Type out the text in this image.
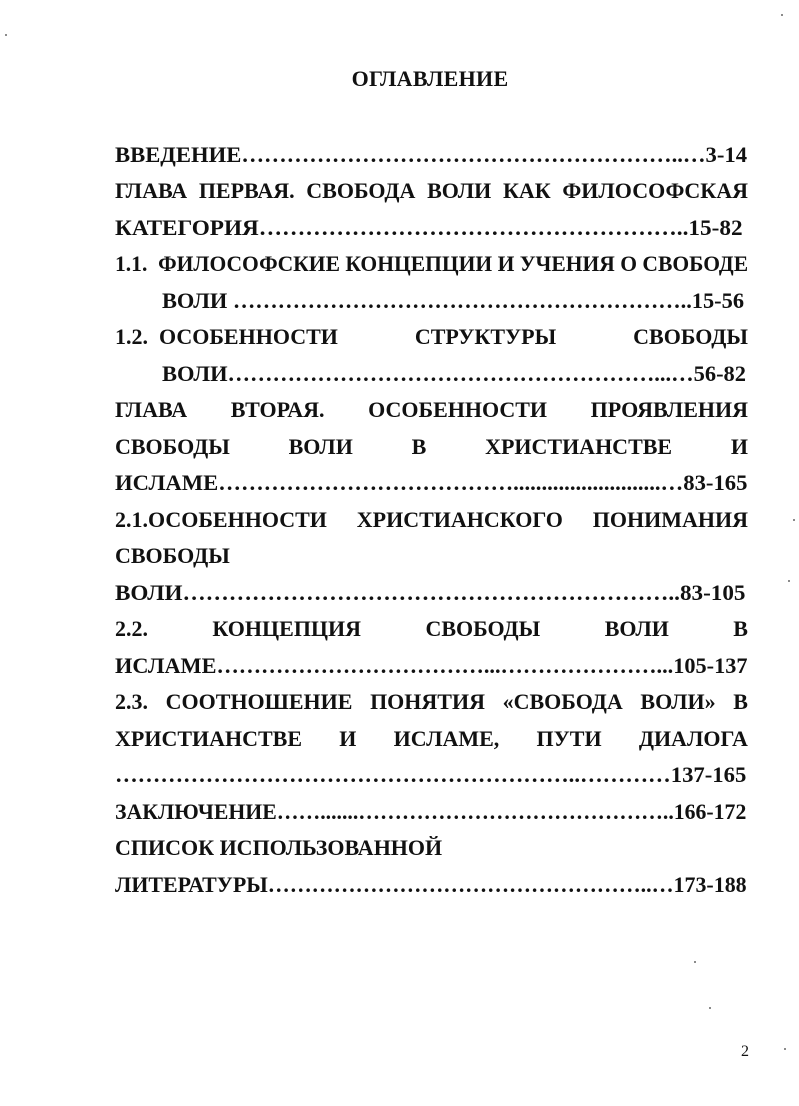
ОГЛАВЛЕНИЕ
ВВЕДЕНИЕ…………………………………………………..…3-14
ГЛАВА ПЕРВАЯ. СВОБОДА ВОЛИ КАК ФИЛОСОФСКАЯ
КАТЕГОРИЯ………………………………………………..15-82
1.1.  ФИЛОСОФСКИЕ КОНЦЕПЦИИ И УЧЕНИЯ О СВОБОДЕ
ВОЛИ ……………………………………………………..15-56
1.2.  ОСОБЕННОСТИ	СТРУКТУРЫ	СВОБОДЫ
ВОЛИ…………………………………………………...…56-82
ГЛАВА ВТОРАЯ. ОСОБЕННОСТИ ПРОЯВЛЕНИЯ
СВОБОДЫ	ВОЛИ	В	ХРИСТИАНСТВЕ	И
ИСЛАМЕ…………………………………..........................…83-165
2.1.ОСОБЕННОСТИ ХРИСТИАНСКОГО ПОНИМАНИЯ
СВОБОДЫ
ВОЛИ………………………………………………………..83-105
2.2.	КОНЦЕПЦИЯ	СВОБОДЫ	ВОЛИ	В
ИСЛАМЕ………………………………...…………………...105-137
2.3. СООТНОШЕНИЕ ПОНЯТИЯ «СВОБОДА ВОЛИ» В
ХРИСТИАНСТВЕ И ИСЛАМЕ, ПУТИ ДИАЛОГА
……………………………………………………..…………137-165
ЗАКЛЮЧЕНИЕ…….......……………………………………..166-172
СПИСОК ИСПОЛЬЗОВАННОЙ
ЛИТЕРАТУРЫ……………………………………………..…173-188
2
